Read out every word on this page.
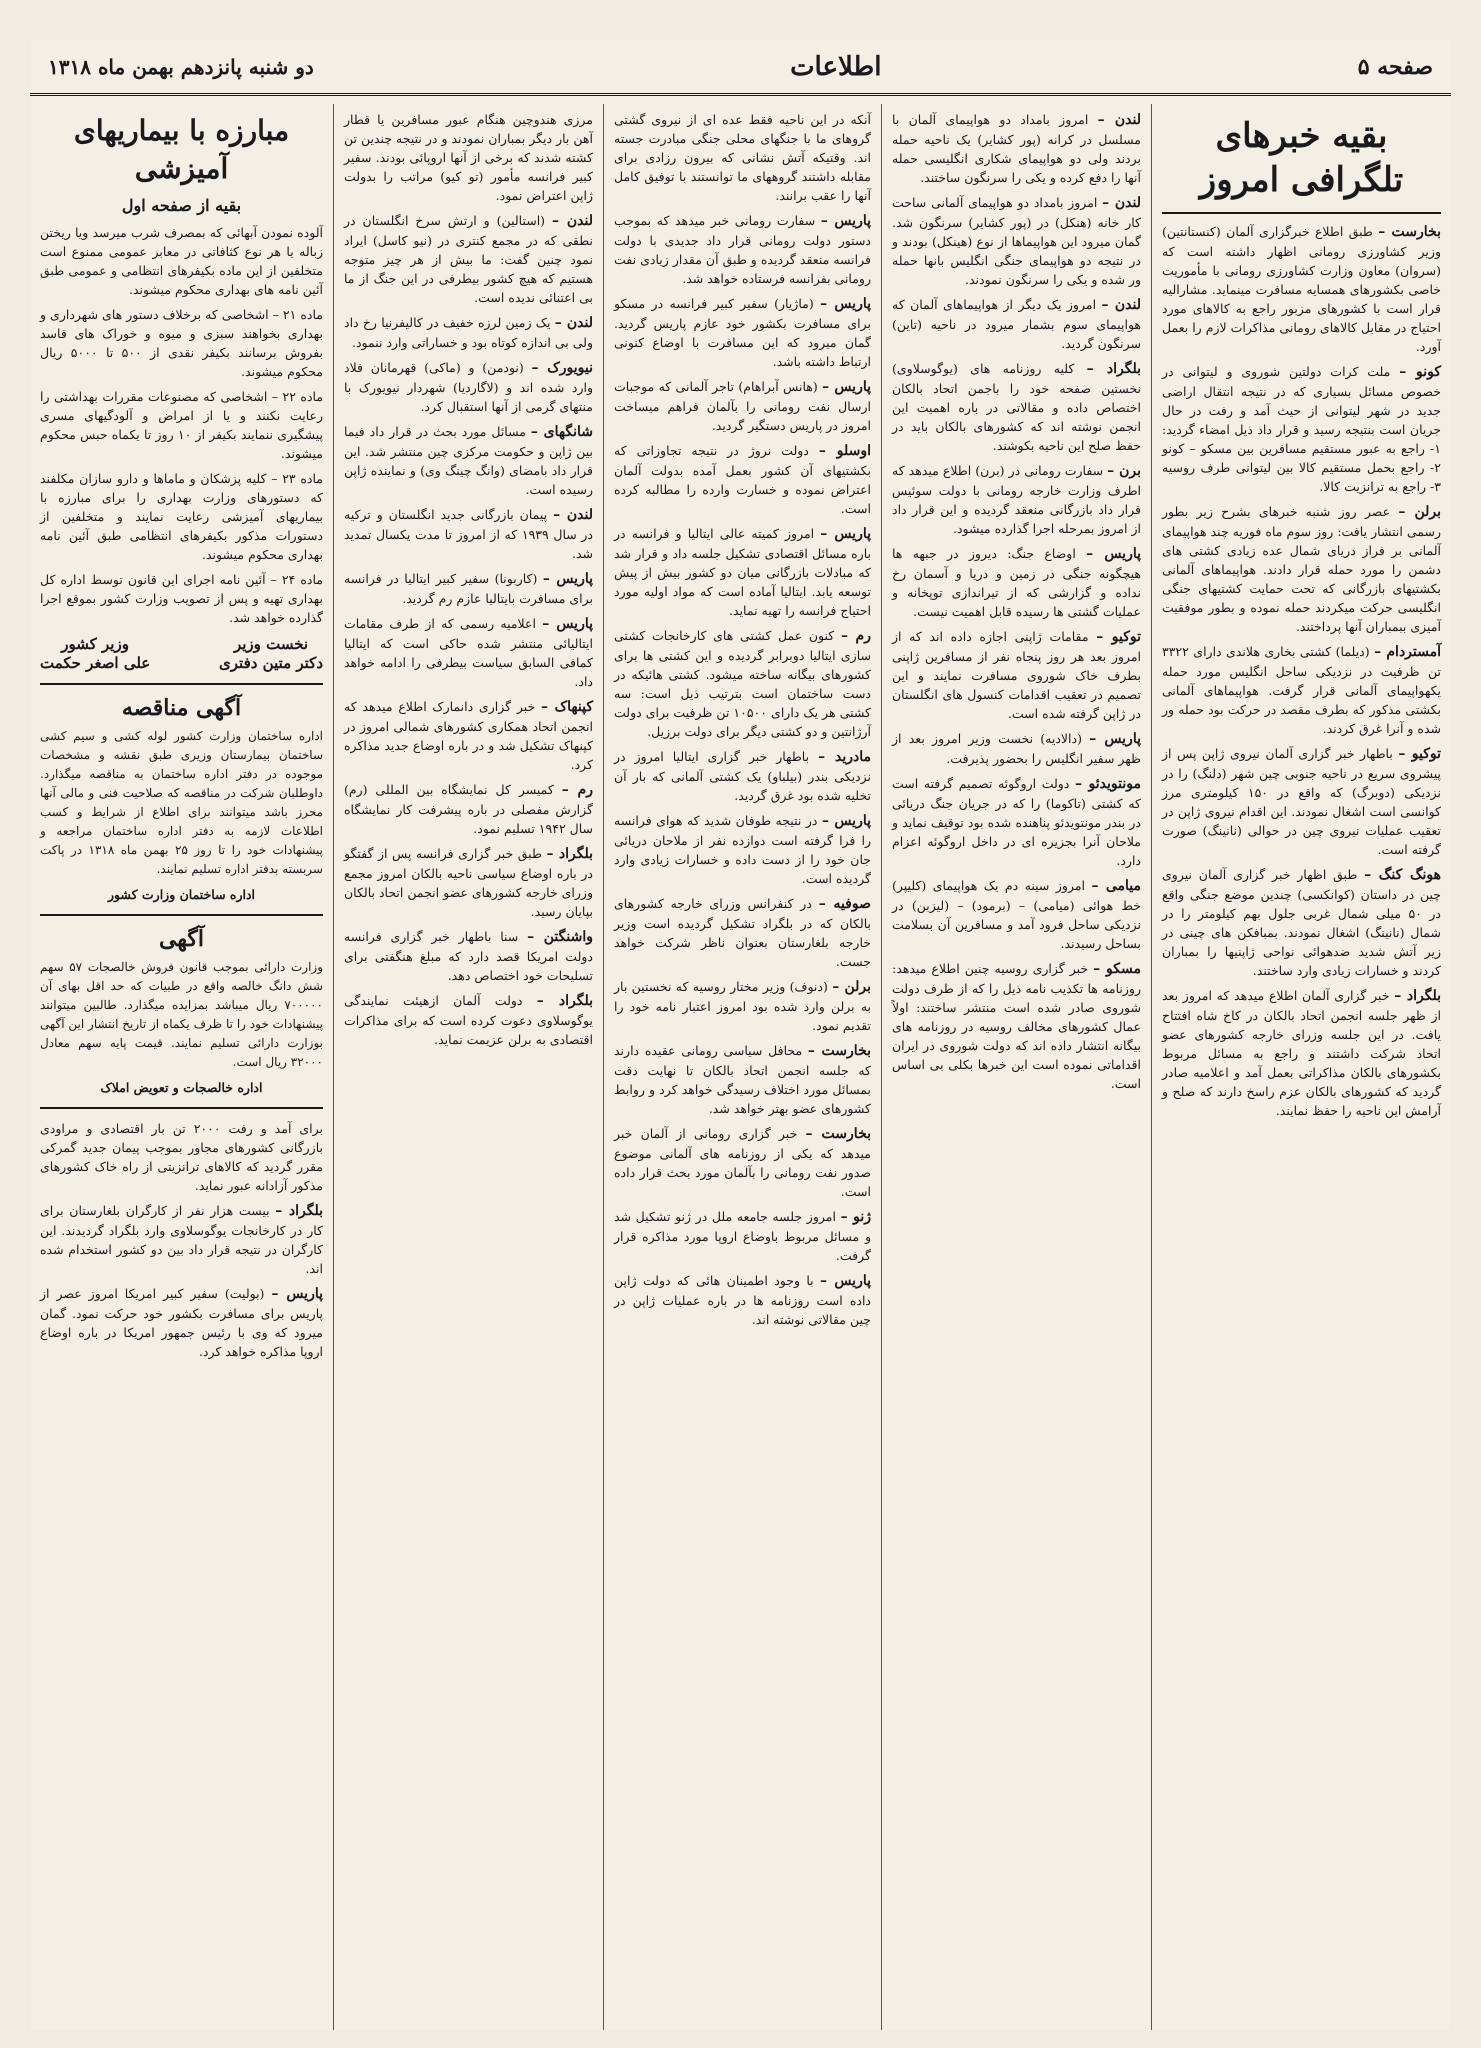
صفحه ۵
اطلاعات
دو شنبه پانزدهم بهمن ماه ۱۳۱۸
بقیه خبرهای تلگرافی امروز

بخارست – طبق اطلاع خبرگزاری آلمان (کنستانتین) وزیر کشاورزی رومانی اظهار داشته است که (سروان) معاون وزارت کشاورزی رومانی با مأموریت خاصی بکشورهای همسایه مسافرت مینماید. مشارالیه قرار است با کشورهای مزبور راجع به کالاهای مورد احتیاج در مقابل کالاهای رومانی مذاکرات لازم را بعمل آورد.

کونو – ملت کرات دولتین شوروی و لیتوانی در خصوص مسائل بسیاری که در نتیجه انتقال اراضی جدید در شهر لیتوانی از حیث آمد و رفت در حال جریان است بنتیجه رسید و قرار داد ذیل امضاء گردید: ۱- راجع به عبور مستقیم مسافرین بین مسکو – کونو ۲- راجع بحمل مستقیم کالا بین لیتوانی طرف روسیه ۳- راجع به ترانزیت کالا.

برلن – عصر روز شنبه خبرهای بشرح زیر بطور رسمی انتشار یافت: روز سوم ماه فوریه چند هواپیمای آلمانی بر فراز دریای شمال عده زیادی کشتی های دشمن را مورد حمله قرار دادند. هواپیماهای آلمانی بکشتیهای بازرگانی که تحت حمایت کشتیهای جنگی انگلیسی حرکت میکردند حمله نموده و بطور موفقیت آمیزی ببمباران آنها پرداختند.

آمستردام – (دیلما) کشتی بخاری هلاندی دارای ۳۳۲۲ تن ظرفیت در نزدیکی ساحل انگلیس مورد حمله یکهواپیمای آلمانی قرار گرفت. هواپیماهای آلمانی بکشتی مذکور که بطرف مقصد در حرکت بود حمله ور شده و آنرا غرق کردند.

توکیو – باطهار خبر گزاری آلمان نیروی ژاپن پس از پیشروی سریع در ناحیه جنوبی چین شهر (دلنگ) را در نزدیکی (دوبرگ) که واقع در ۱۵۰ کیلومتری مرز کوانسی است اشغال نمودند. این اقدام نیروی ژاپن در تعقیب عملیات نیروی چین در حوالی (نانینگ) صورت گرفته است.

هونگ کنگ – طبق اظهار خبر گزاری آلمان نیروی چین در داستان (کوانکسی) چندین موضع جنگی واقع در ۵۰ میلی شمال غربی جلول بهم کیلومتر را در شمال (نانینگ) اشغال نمودند. بمبافکن های چینی در زیر آتش شدید ضدهوائی نواحی ژاپنیها را بمباران کردند و خسارات زیادی وارد ساختند.

بلگراد – خبر گزاری آلمان اطلاع میدهد که امروز بعد از ظهر جلسه انجمن اتحاد بالکان در کاخ شاه افتتاح یافت. در این جلسه وزرای خارجه کشورهای عضو اتحاد شرکت داشتند و راجع به مسائل مربوط بکشورهای بالکان مذاکراتی بعمل آمد و اعلامیه صادر گردید که کشورهای بالکان عزم راسخ دارند که صلح و آرامش این ناحیه را حفظ نمایند.

لندن – امروز بامداد دو هواپیمای آلمان با مسلسل در کرانه (پور کشایر) یک ناحیه حمله بردند ولی دو هواپیمای شکاری انگلیسی حمله آنها را دفع کرده و یکی را سرنگون ساختند.

لندن – امروز بامداد دو هواپیمای آلمانی ساحت کار خانه (هنکل) در (پور کشایر) سرنگون شد. گمان میرود این هواپیماها از نوع (هینکل) بودند و در نتیجه دو هواپیمای جنگی انگلیس بانها حمله ور شده و یکی را سرنگون نمودند.

لندن – امروز یک دیگر از هواپیماهای آلمان که هواپیمای سوم بشمار میرود در ناحیه (تاین) سرنگون گردید.

بلگراد – کلیه روزنامه های (یوگوسلاوی) نخستین صفحه خود را باجمن اتحاد بالکان اختصاص داده و مقالاتی در باره اهمیت این انجمن نوشته اند که کشورهای بالکان باید در حفظ صلح این ناحیه بکوشند.

برن – سفارت رومانی در (برن) اطلاع میدهد که اطرف وزارت خارجه رومانی با دولت سوئیس قرار داد بازرگانی منعقد گردیده و این قرار داد از امروز بمرحله اجرا گذارده میشود.

پاریس – اوضاع جنگ: دیروز در جبهه ها هیچگونه جنگی در زمین و دریا و آسمان رخ نداده و گزارشی که از تیراندازی توپخانه و عملیات گشتی ها رسیده قابل اهمیت نیست.

توکیو – مقامات ژاپنی اجازه داده اند که از امروز بعد هر روز پنجاه نفر از مسافرین ژاپنی بطرف خاک شوروی مسافرت نمایند و این تصمیم در تعقیب اقدامات کنسول های انگلستان در ژاپن گرفته شده است.

پاریس – (دالادیه) نخست وزیر امروز بعد از ظهر سفیر انگلیس را بحضور پذیرفت.

مونتویدئو – دولت اروگوئه تصمیم گرفته است که کشتی (تاکوما) را که در جریان جنگ دریائی در بندر مونتویدئو پناهنده شده بود توقیف نماید و ملاحان آنرا بجزیره ای در داخل اروگوئه اعزام دارد.

میامی – امروز سینه دم یک هواپیمای (کلیپر) خط هوائی (میامی) – (برمود) – (لیزبن) در نزدیکی ساحل فرود آمد و مسافرین آن بسلامت بساحل رسیدند.

مسکو – خبر گزاری روسیه چنین اطلاع میدهد: روزنامه ها تکذیب نامه ذیل را که از طرف دولت شوروی صادر شده است منتشر ساختند: اولاً عمال کشورهای مخالف روسیه در روزنامه های بیگانه انتشار داده اند که دولت شوروی در ایران اقداماتی نموده است این خبرها بکلی بی اساس است.

آنکه در این ناحیه فقط عده ای از نیروی گشتی گروهای ما با جنگهای محلی جنگی مبادرت جسته اند. وقتیکه آتش نشانی که بیرون رزادی برای مقابله داشتند گروههای ما توانستند با توفیق کامل آنها را عقب برانند.

پاریس – سفارت رومانی خبر میدهد که بموجب دستور دولت رومانی قرار داد جدیدی با دولت فرانسه منعقد گردیده و طبق آن مقدار زیادی نفت رومانی بفرانسه فرستاده خواهد شد.

پاریس – (ماژیار) سفیر کبیر فرانسه در مسکو برای مسافرت بکشور خود عازم پاریس گردید. گمان میرود که این مسافرت با اوضاع کنونی ارتباط داشته باشد.

پاریس – (هانس آبراهام) تاجر آلمانی که موجبات ارسال نفت رومانی را بآلمان فراهم میساخت امروز در پاریس دستگیر گردید.

اوسلو – دولت نروژ در نتیجه تجاوزاتی که بکشتیهای آن کشور بعمل آمده بدولت آلمان اعتراض نموده و خسارت وارده را مطالبه کرده است.

پاریس – امروز کمیته عالی ایتالیا و فرانسه در باره مسائل اقتصادی تشکیل جلسه داد و قرار شد که مبادلات بازرگانی میان دو کشور بیش از پیش توسعه یابد. ایتالیا آماده است که مواد اولیه مورد احتیاج فرانسه را تهیه نماید.

رم – کنون عمل کشتی های کارخانجات کشتی سازی ایتالیا دوبرابر گردیده و این کشتی ها برای کشورهای بیگانه ساخته میشود. کشتی هائیکه در دست ساختمان است بترتیب ذیل است: سه کشتی هر یک دارای ۱۰۵۰۰ تن ظرفیت برای دولت آرژانتین و دو کشتی دیگر برای دولت برزیل.

مادرید – باطهار خبر گزاری ایتالیا امروز در نزدیکی بندر (بیلباو) یک کشتی آلمانی که بار آن تخلیه شده بود غرق گردید.

پاریس – در نتیجه طوفان شدید که هوای فرانسه را فرا گرفته است دوازده نفر از ملاحان دریائی جان خود را از دست داده و خسارات زیادی وارد گردیده است.

صوفیه – در کنفرانس وزرای خارجه کشورهای بالکان که در بلگراد تشکیل گردیده است وزیر خارجه بلغارستان بعنوان ناظر شرکت خواهد جست.

برلن – (دنوف) وزیر مختار روسیه که نخستین بار به برلن وارد شده بود امروز اعتبار نامه خود را تقدیم نمود.

بخارست – محافل سیاسی رومانی عقیده دارند که جلسه انجمن اتحاد بالکان تا نهایت دقت بمسائل مورد اختلاف رسیدگی خواهد کرد و روابط کشورهای عضو بهتر خواهد شد.

بخارست – خبر گزاری رومانی از آلمان خبر میدهد که یکی از روزنامه های آلمانی موضوع صدور نفت رومانی را بآلمان مورد بحث قرار داده است.

ژنو – امروز جلسه جامعه ملل در ژنو تشکیل شد و مسائل مربوط باوضاع اروپا مورد مذاکره قرار گرفت.

پاریس – با وجود اطمینان هائی که دولت ژاپن داده است روزنامه ها در باره عملیات ژاپن در چین مقالاتی نوشته اند.

مرزی هندوچین هنگام عبور مسافرین یا قطار آهن بار دیگر بمباران نمودند و در نتیجه چندین تن کشته شدند که برخی از آنها اروپائی بودند. سفیر کبیر فرانسه مأمور (تو کیو) مراتب را بدولت ژاپن اعتراض نمود.

لندن – (استالین) و ارتش سرخ انگلستان در نطقی که در مجمع کنتری در (نیو کاسل) ایراد نمود چنین گفت: ما بیش از هر چیز متوجه هستیم که هیچ کشور بیطرفی در این جنگ از ما بی اعتنائی ندیده است.

لندن – یک زمین لرزه خفیف در کالیفرنیا رخ داد ولی بی اندازه کوتاه بود و خساراتی وارد ننمود.

نیویورک – (نودمن) و (ماکی) قهرمانان فلاد وارد شده اند و (لاگاردیا) شهردار نیویورک با منتهای گرمی از آنها استقبال کرد.

شانگهای – مسائل مورد بحث در قرار داد فیما بین ژاپن و حکومت مرکزی چین منتشر شد. این قرار داد بامضای (وانگ چینگ وی) و نماینده ژاپن رسیده است.

لندن – پیمان بازرگانی جدید انگلستان و ترکیه در سال ۱۹۳۹ که از امروز تا مدت یکسال تمدید شد.

پاریس – (کاربونا) سفیر کبیر ایتالیا در فرانسه برای مسافرت بایتالیا عازم رم گردید.

پاریس – اعلامیه رسمی که از طرف مقامات ایتالیائی منتشر شده حاکی است که ایتالیا کمافی السابق سیاست بیطرفی را ادامه خواهد داد.

کپنهاک – خبر گزاری دانمارک اطلاع میدهد که انجمن اتحاد همکاری کشورهای شمالی امروز در کپنهاک تشکیل شد و در باره اوضاع جدید مذاکره کرد.

رم – کمیسر کل نمایشگاه بین المللی (رم) گزارش مفصلی در باره پیشرفت کار نمایشگاه سال ۱۹۴۲ تسلیم نمود.

بلگراد – طبق خبر گزاری فرانسه پس از گفتگو در باره اوضاع سیاسی ناحیه بالکان امروز مجمع وزرای خارجه کشورهای عضو انجمن اتحاد بالکان بپایان رسید.

واشنگتن – سنا باطهار خبر گزاری فرانسه دولت امریکا قصد دارد که مبلغ هنگفتی برای تسلیحات خود اختصاص دهد.

بلگراد – دولت آلمان ازهیئت نمایندگی یوگوسلاوی دعوت کرده است که برای مذاکرات اقتصادی به برلن عزیمت نماید.

مبارزه با بیماریهای آمیزشی
بقیه از صفحه اول

آلوده نمودن آبهائی که بمصرف شرب میرسد ویا ریختن زباله یا هر نوع کثافاتی در معابر عمومی ممنوع است متخلفین از این ماده بکیفرهای انتظامی و عمومی طبق آئین نامه های بهداری محکوم میشوند.

ماده ۲۱ – اشخاصی که برخلاف دستور های شهرداری و بهداری بخواهند سبزی و میوه و خوراک های فاسد بفروش برسانند بکیفر نقدی از ۵۰۰ تا ۵۰۰۰ ریال محکوم میشوند.

ماده ۲۲ – اشخاصی که مصنوعات مقررات بهداشتی را رعایت نکنند و یا از امراض و آلودگیهای مسری پیشگیری ننمایند بکیفر از ۱۰ روز تا یکماه حبس محکوم میشوند.

ماده ۲۳ – کلیه پزشکان و ماماها و دارو سازان مکلفند که دستورهای وزارت بهداری را برای مبارزه با بیماریهای آمیزشی رعایت نمایند و متخلفین از دستورات مذکور بکیفرهای انتظامی طبق آئین نامه بهداری محکوم میشوند.

ماده ۲۴ – آئین نامه اجرای این قانون توسط اداره کل بهداری تهیه و پس از تصویب وزارت کشور بموقع اجرا گذارده خواهد شد.

نخست وزیر
دکتر متین دفتری
وزیر کشور
علی اصغر حکمت
آگهی مناقصه

اداره ساختمان وزارت کشور لوله کشی و سیم کشی ساختمان بیمارستان وزیری طبق نقشه و مشخصات موجوده در دفتر اداره ساختمان به مناقصه میگذارد. داوطلبان شرکت در مناقصه که صلاحیت فنی و مالی آنها محرز باشد میتوانند برای اطلاع از شرایط و کسب اطلاعات لازمه به دفتر اداره ساختمان مراجعه و پیشنهادات خود را تا روز ۲۵ بهمن ماه ۱۳۱۸ در پاکت سربسته بدفتر اداره تسلیم نمایند.

اداره ساختمان وزارت کشور
آگهی

وزارت دارائی بموجب قانون فروش خالصجات ۵۷ سهم شش دانگ خالصه واقع در طبیات که حد اقل بهای آن ۷۰۰۰۰۰ ریال میباشد بمزایده میگذارد. طالبین میتوانند پیشنهادات خود را تا ظرف یکماه از تاریخ انتشار این آگهی بوزارت دارائی تسلیم نمایند. قیمت پایه سهم معادل ۳۲۰۰۰ ریال است.

اداره خالصجات و تعویض املاک

برای آمد و رفت ۲۰۰۰ تن بار اقتصادی و مراودی بازرگانی کشورهای مجاور بموجب پیمان جدید گمرکی مقرر گردید که کالاهای ترانزیتی از راه خاک کشورهای مذکور آزادانه عبور نماید.

بلگراد – بیست هزار نفر از کارگران بلغارستان برای کار در کارخانجات یوگوسلاوی وارد بلگراد گردیدند. این کارگران در نتیجه قرار داد بین دو کشور استخدام شده اند.

پاریس – (بولیت) سفیر کبیر امریکا امروز عصر از پاریس برای مسافرت بکشور خود حرکت نمود. گمان میرود که وی با رئیس جمهور امریکا در باره اوضاع اروپا مذاکره خواهد کرد.
